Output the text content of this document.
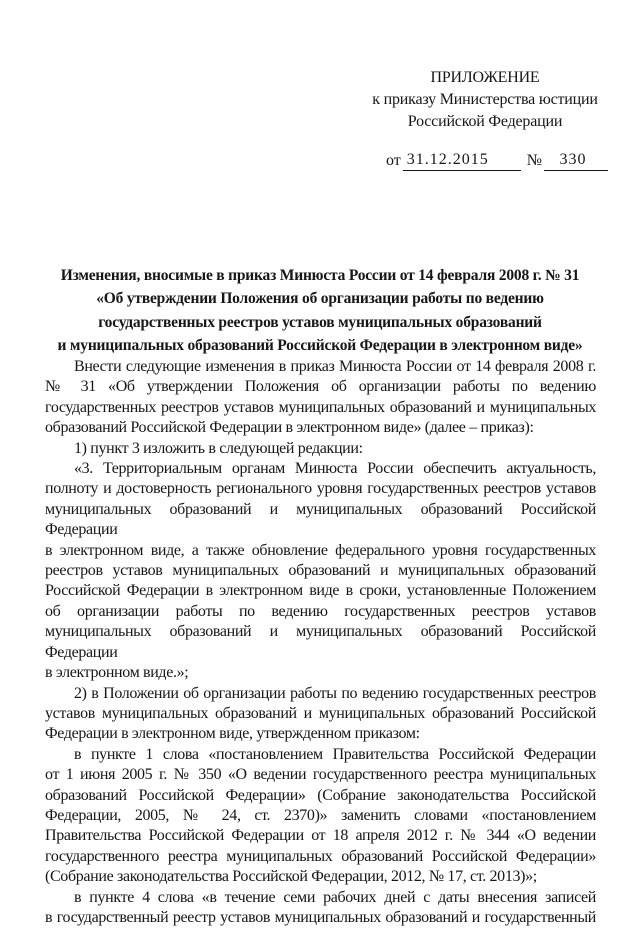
ПРИЛОЖЕНИЕ
к приказу Министерства юстиции
Российской Федерации
от 31.12.2015 № 330
Изменения, вносимые в приказ Минюста России от 14 февраля 2008 г. № 31
«Об утверждении Положения об организации работы по ведению
государственных реестров уставов муниципальных образований
и муниципальных образований Российской Федерации в электронном виде»
Внести следующие изменения в приказ Минюста России от 14 февраля 2008 г.
№ 31 «Об утверждении Положения об организации работы по ведению
государственных реестров уставов муниципальных образований и муниципальных
образований Российской Федерации в электронном виде» (далее – приказ):
1) пункт 3 изложить в следующей редакции:
«3. Территориальным органам Минюста России обеспечить актуальность,
полноту и достоверность регионального уровня государственных реестров уставов
муниципальных образований и муниципальных образований Российской Федерации
в электронном виде, а также обновление федерального уровня государственных
реестров уставов муниципальных образований и муниципальных образований
Российской Федерации в электронном виде в сроки, установленные Положением
об организации работы по ведению государственных реестров уставов
муниципальных образований и муниципальных образований Российской Федерации
в электронном виде.»;
2) в Положении об организации работы по ведению государственных реестров
уставов муниципальных образований и муниципальных образований Российской
Федерации в электронном виде, утвержденном приказом:
в пункте 1 слова «постановлением Правительства Российской Федерации
от 1 июня 2005 г. № 350 «О ведении государственного реестра муниципальных
образований Российской Федерации» (Собрание законодательства Российской
Федерации, 2005, № 24, ст. 2370)» заменить словами «постановлением
Правительства Российской Федерации от 18 апреля 2012 г. № 344 «О ведении
государственного реестра муниципальных образований Российской Федерации»
(Собрание законодательства Российской Федерации, 2012, № 17, ст. 2013)»;
в пункте 4 слова «в течение семи рабочих дней с даты внесения записей
в государственный реестр уставов муниципальных образований и государственный
